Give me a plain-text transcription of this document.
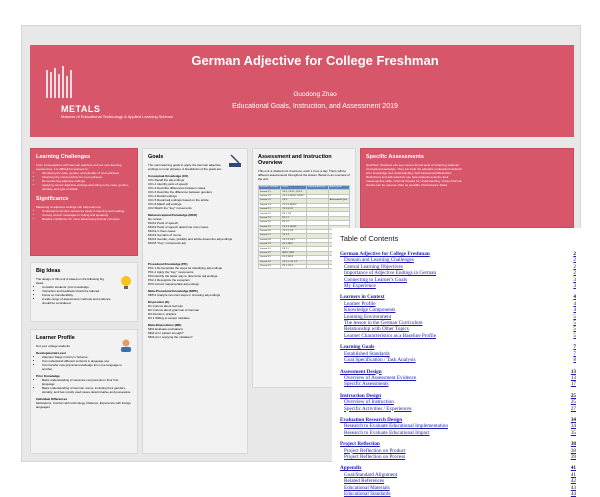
METALS
Masters of Educational Technology & Applied Learning Science
German Adjective for College Freshman
Guodong Zhao
Educational Goals, Instruction, and Assessment 2019
Learning Challenges

From conversations with German teachers and our own learning experiences, it is difficult for learners to:

• Identifying the case, gender, and plurality of noun phrases.
• Choosing the correct article for noun phrases.
• Remembering adjective endings.
• Applying correct adjective endings according to the case, gender, plurality, and type of article.
Significance

Mastering of adjective endings can help learners:

• Understand complex sentences easily in listening and reading.
• Convey correct messages in writing and speaking.
• Breathe confidence for more advanced grammar concepts.
Big Ideas

The design of this unit is based on the following big ideas:

• Consider students' prior knowledge.
• Instruction and feedback should be tailored.
• Focus on transferability.
• A wide range of assessment methods and evidence should be considered.
Learner Profile

Not your college students

Developmental Level

• Attention Stage in Perry's Scheme.
• Can understand different contexts in language use.
• Can transfer new grammar knowledge from one language to another.

Prior Knowledge

• Basic understanding of sentence components in their first language.
• Basic understanding of German nouns, including their genders, plurality, and has mostly used cases determinative and possessive.

Individual Differences

Motivations, Comfort with technology, Patience, Experience with foreign languages

Goals

The main learning goals to apply the German adjective endings in noun phrases. A breakdown of the goals are:

Conceptual Knowledge (CK)

CK1 Recall the adj endings

CK1.1 Identify parts of speech

CK1.2 Describe differences between cases

CK1.3 Describe the difference between genders

CK1.4 Recall endings

CK1.5 Recall adj endings based on the article

CK1.6 Match adj endings

CK2 Match the "key" movements

Metaconceptual Knowledge (MCK)

Do I know...

MCK1 Parts of speech

MCK2 Parts of speech determine noun cases

MCK2.1 Noun cases

MCK3 Genders of nouns

MCK4 Gender, case, plurality and article determine adj endings

MCK5 "Key" movements adj

Procedural Knowledge (PK)

PK1.1 Demonstrate the steps for identifying adj endings

PK1.2 Apply the "key" movements

PK2 Identify the faster way to determine adj endings

PK2.1 Recognize the exception

PK3 Correct inappropriate adj endings

Meta-Procedural Knowledge (MPK)

MPK1 Analyze incorrect steps in choosing adj endings

Disposition (D)

D1 Curious about German

D2 Curious about grammar of German

D3 Persist in practice

D3.1 Willing to accept mistakes

Meta-Dispositions (MD)

MD1 Evaluate motivations

MD2 Am I patient enough?

MD3 Am I enjoying the mistakes?

Assessment and Instruction Overview

This unit is divided into 3 lessons, each 1 hour a day. There will be different assessments throughout the lesson. Below is an overview of the unit:

Lessons / Timeline	Goals	Learning Activities	Assessment
Lesson 1.1	CK 1, CK1.1, CK1.3		
Lesson 1.2	CK 1.4, MCK1, MCK2		
Lesson 1.3	CK 2		Assessment Quiz
Lesson 1.4	CK 1.5, MCK3		
Lesson 2.1	CK 1.6, D1		
Lesson 2.2	PK 1, D2		
Lesson 2.3	PK 1.1		
Lesson 2.4	PK 1.2		
Lesson 2.5	CK 1.3, MCK4		
Lesson 2.6	CK 1.5, D3		
Lesson 2.7	CK 1.4		
Lesson 2.8	CK 1.6, D3.1		
Lesson 2.9	PK 2, MD1		
Lesson 3.1	PK 2.1		
Lesson 3.2	MPK1, MD2		
Lesson 3.3	PK 3, MD3		
Lesson 3.4	CK 1.1, CK 1.6		
Lesson 3.5	PK 1, PK 2		
Specific Assessments

Quiz/Test: Teachers can see current formal tests of retrieving students' conceptual knowledge. They can help the educator understand students' prior knowledge and understanding. Self-Assessment/Reflection: Reflections and self-reflection can help students examine their metacognitive skills. Informal Checks for Understanding: These informal checks can be used as often as possible. Performance Tasks.

Table of Contents
German Adjective for College Freshman	2
Domain and Learning Challenges	2
Central Learning Objectives	2
Importance of Adjective Endings in German	2
Connecting to Learner's Goals	3
My Experience	3
Learners in Context	4
Learner Profile	4
Knowledge Components	4
Learning Environment	5
The lesson in the German Curriculum	5
Relationship with Other Topics	5
Learner Characteristics as a Baseline Profile	5
Learning Goals	7
Established Standards	7
Goal Specification / Task Analysis	8
Assessment Design	13
Overview of Assessment Evidence	13
Specific Assessments	17
Instruction Design	25
Overview of Instruction	25
Specific Activities / Experiences	27
Evaluation Research Design	34
Research to Evaluate Educational Implementation	34
Research to Evaluate Educational Impact	35
Project Reflection	38
Project Reflection on Product	38
Project Reflection on Process	39
Appendix	41
Goal/Standard Alignment	41
Related References	42
Educational Materials	43
Educational Standards	44
